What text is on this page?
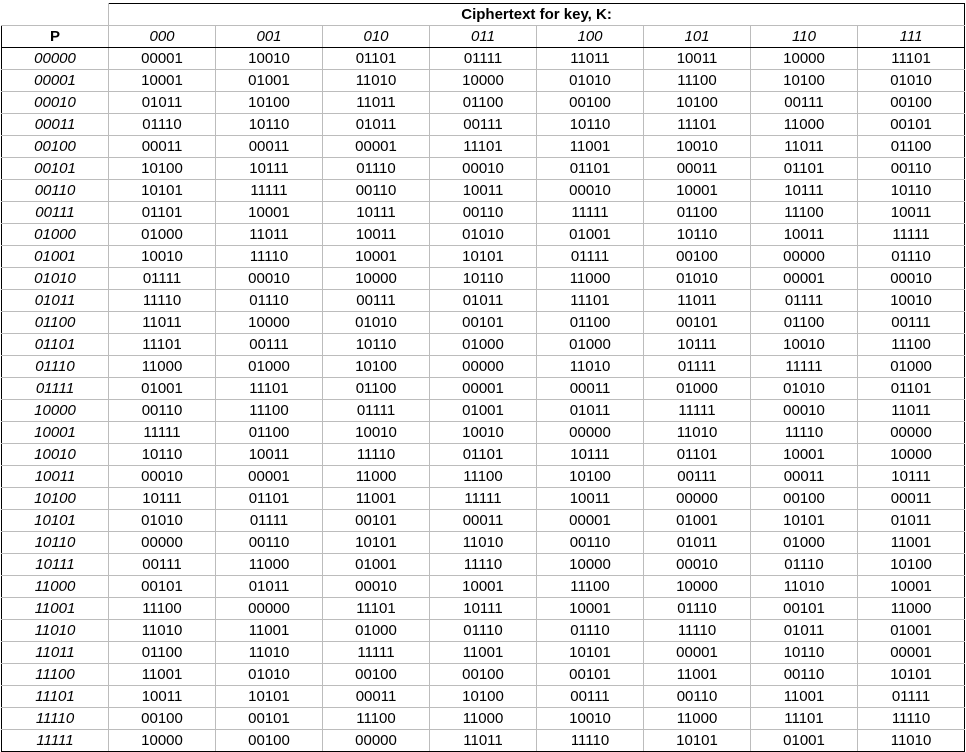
	Ciphertext for key, K:							
P	000	001	010	011	100	101	110	111
00000	00001	10010	01101	01111	11011	10011	10000	11101
00001	10001	01001	11010	10000	01010	11100	10100	01010
00010	01011	10100	11011	01100	00100	10100	00111	00100
00011	01110	10110	01011	00111	10110	11101	11000	00101
00100	00011	00011	00001	11101	11001	10010	11011	01100
00101	10100	10111	01110	00010	01101	00011	01101	00110
00110	10101	11111	00110	10011	00010	10001	10111	10110
00111	01101	10001	10111	00110	11111	01100	11100	10011
01000	01000	11011	10011	01010	01001	10110	10011	11111
01001	10010	11110	10001	10101	01111	00100	00000	01110
01010	01111	00010	10000	10110	11000	01010	00001	00010
01011	11110	01110	00111	01011	11101	11011	01111	10010
01100	11011	10000	01010	00101	01100	00101	01100	00111
01101	11101	00111	10110	01000	01000	10111	10010	11100
01110	11000	01000	10100	00000	11010	01111	11111	01000
01111	01001	11101	01100	00001	00011	01000	01010	01101
10000	00110	11100	01111	01001	01011	11111	00010	11011
10001	11111	01100	10010	10010	00000	11010	11110	00000
10010	10110	10011	11110	01101	10111	01101	10001	10000
10011	00010	00001	11000	11100	10100	00111	00011	10111
10100	10111	01101	11001	11111	10011	00000	00100	00011
10101	01010	01111	00101	00011	00001	01001	10101	01011
10110	00000	00110	10101	11010	00110	01011	01000	11001
10111	00111	11000	01001	11110	10000	00010	01110	10100
11000	00101	01011	00010	10001	11100	10000	11010	10001
11001	11100	00000	11101	10111	10001	01110	00101	11000
11010	11010	11001	01000	01110	01110	11110	01011	01001
11011	01100	11010	11111	11001	10101	00001	10110	00001
11100	11001	01010	00100	00100	00101	11001	00110	10101
11101	10011	10101	00011	10100	00111	00110	11001	01111
11110	00100	00101	11100	11000	10010	11000	11101	11110
11111	10000	00100	00000	11011	11110	10101	01001	11010
